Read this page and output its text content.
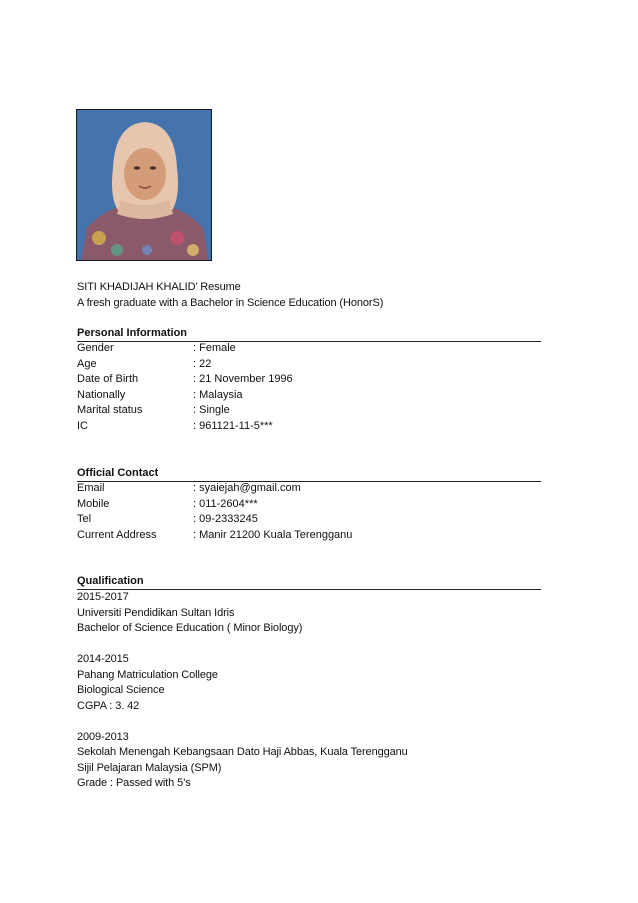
SITI KHADIJAH KHALID’ Resume
A fresh graduate with a Bachelor in Science Education (HonorS)
Personal Information
Gender	: Female
Age	: 22
Date of Birth	: 21 November 1996
Nationally	: Malaysia
Marital status	: Single
IC	: 961121-11-5***
Official Contact
Email	: syaiejah@gmail.com
Mobile	: 011-2604***
Tel	: 09-2333245
Current Address	: Manir 21200 Kuala Terengganu
Qualification
2015-2017
Universiti Pendidikan Sultan Idris
Bachelor of Science Education ( Minor Biology)
2014-2015
Pahang Matriculation College
Biological Science
CGPA : 3. 42
2009-2013
Sekolah Menengah Kebangsaan Dato Haji Abbas, Kuala Terengganu
Sijil Pelajaran Malaysia (SPM)
Grade : Passed with 5’s
